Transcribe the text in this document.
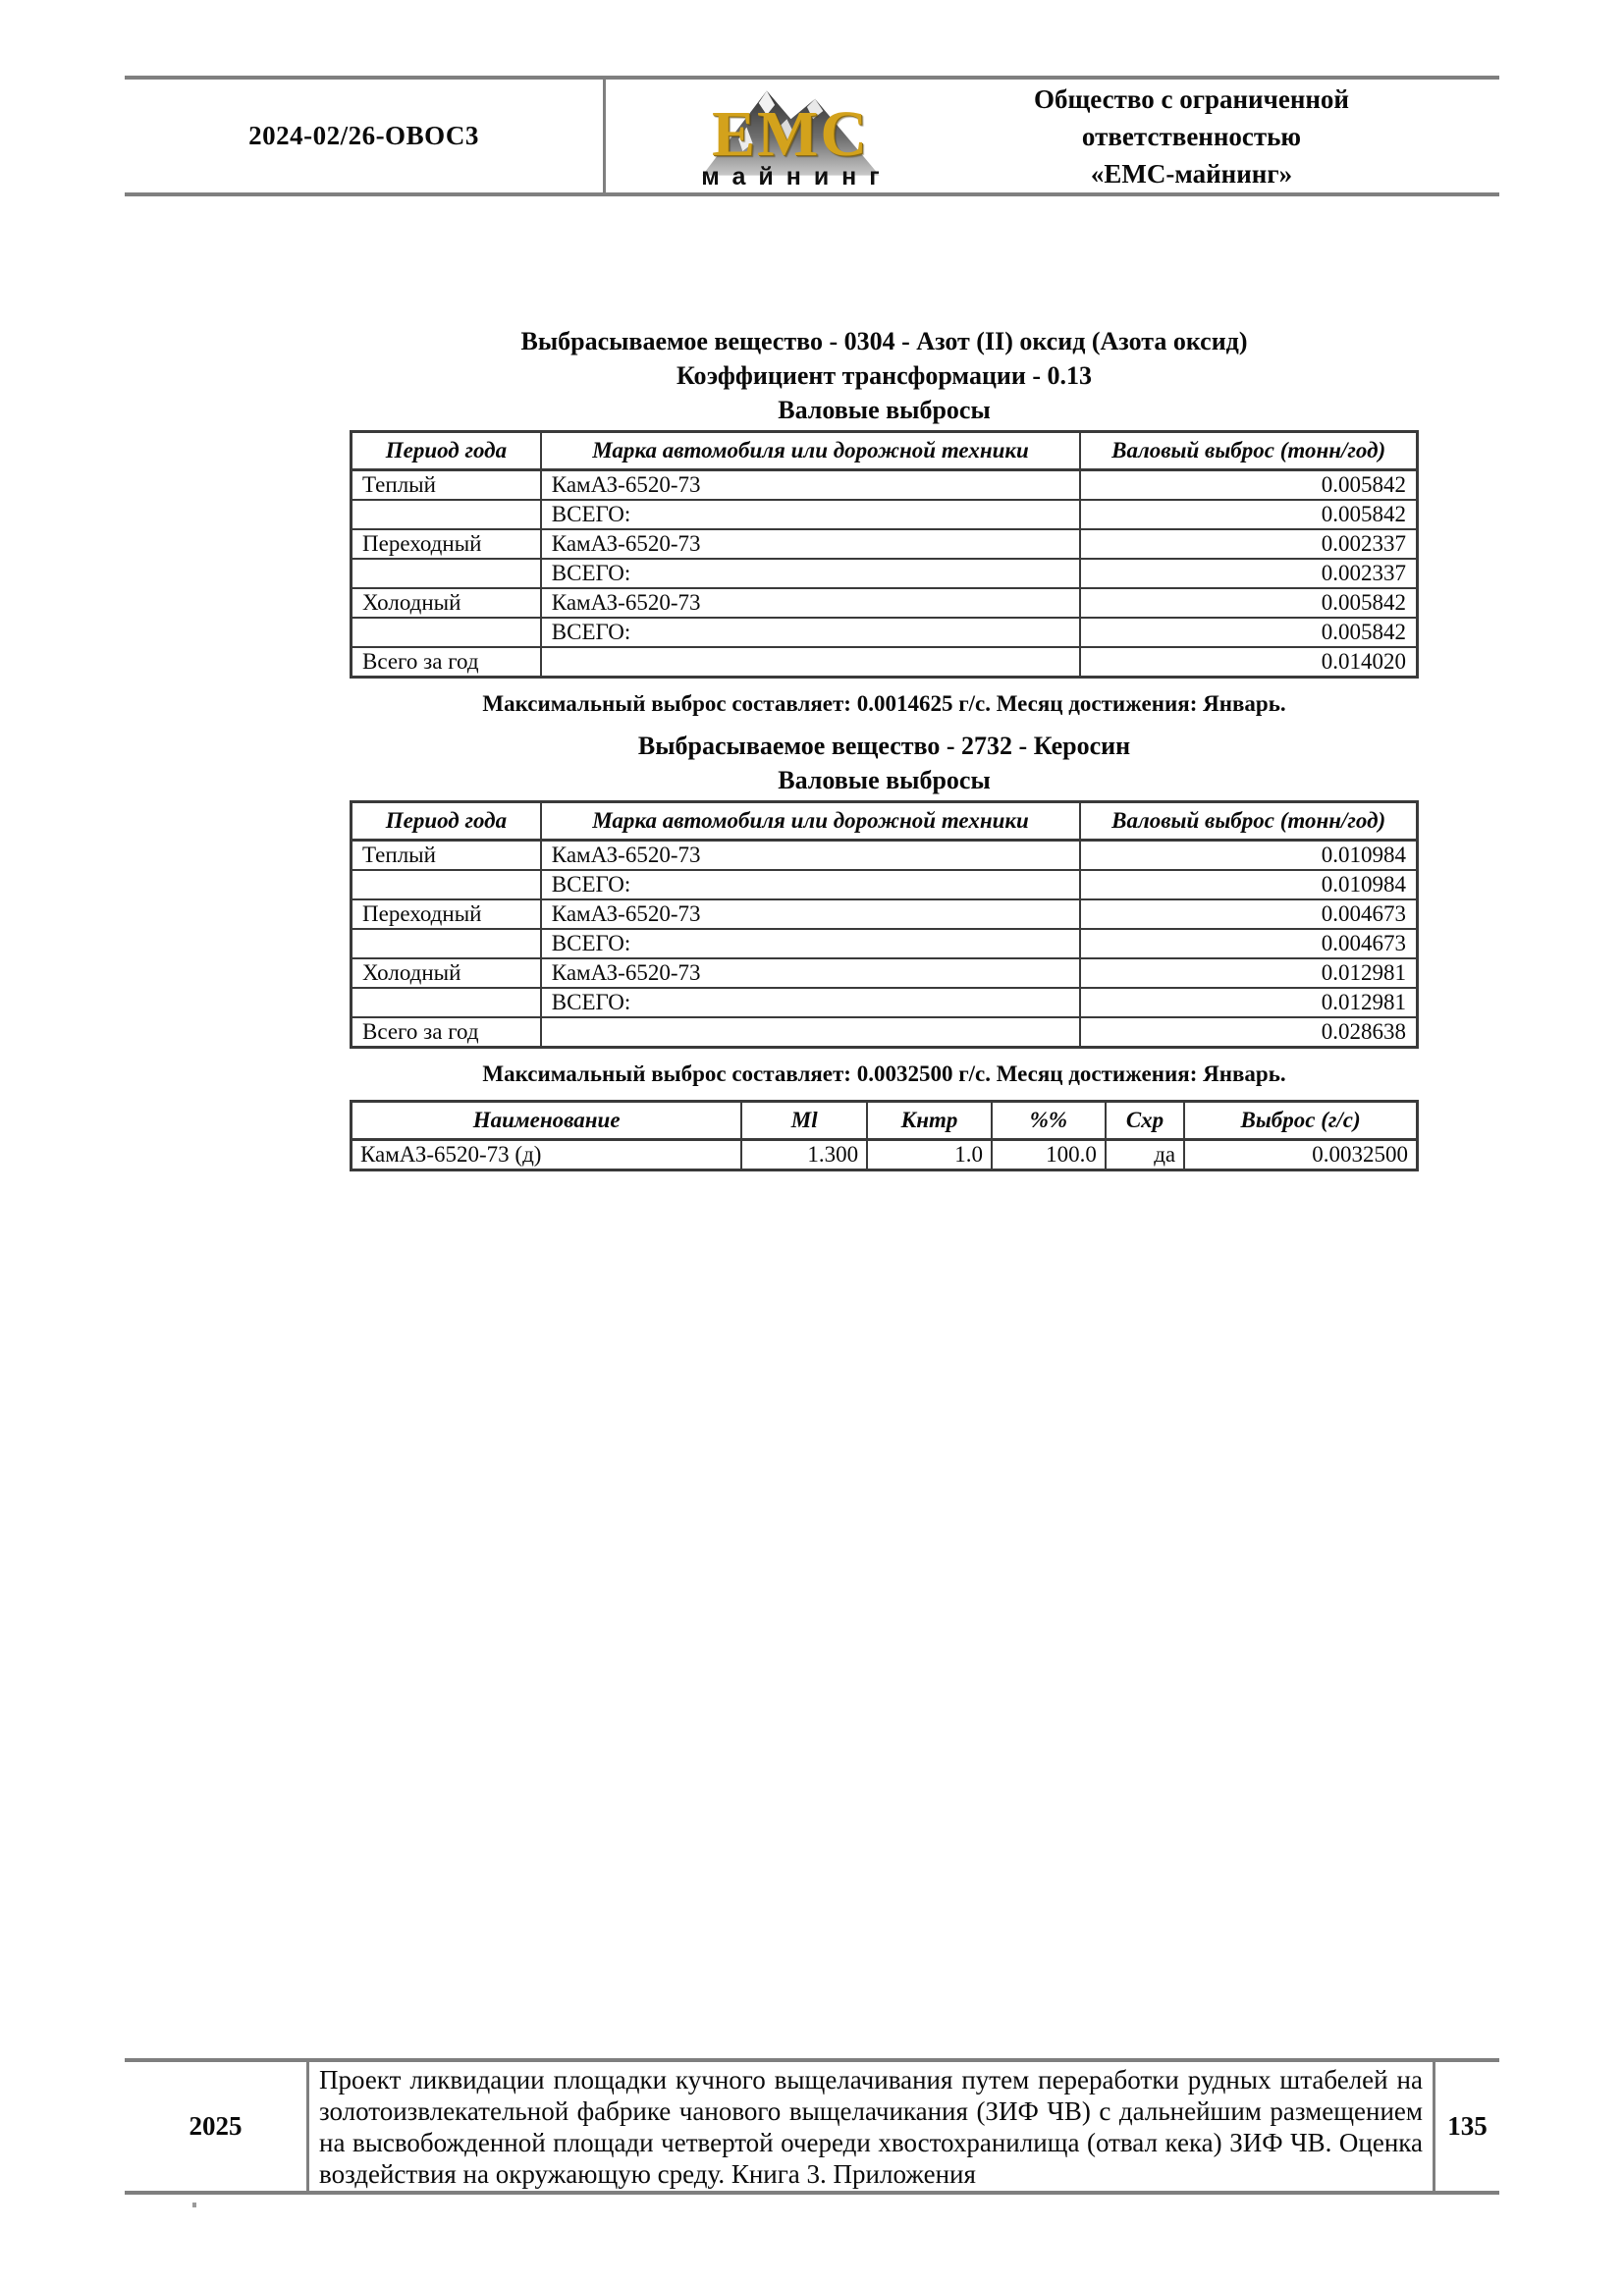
2024-02/26-ОВОС3	ЕМС
майнинг
Общество с ограниченной ответственностью
«ЕМС-майнинг»
Выбрасываемое вещество - 0304 - Азот (II) оксид (Азота оксид)
Коэффициент трансформации - 0.13
Валовые выбросы
Период года	Марка автомобиля или дорожной техники	Валовый выброс (тонн/год)
Теплый	КамАЗ-6520-73	0.005842
	ВСЕГО:	0.005842
Переходный	КамАЗ-6520-73	0.002337
	ВСЕГО:	0.002337
Холодный	КамАЗ-6520-73	0.005842
	ВСЕГО:	0.005842
Всего за год		0.014020
Максимальный выброс составляет: 0.0014625 г/с. Месяц достижения: Январь.
Выбрасываемое вещество - 2732 - Керосин
Валовые выбросы
Период года	Марка автомобиля или дорожной техники	Валовый выброс (тонн/год)
Теплый	КамАЗ-6520-73	0.010984
	ВСЕГО:	0.010984
Переходный	КамАЗ-6520-73	0.004673
	ВСЕГО:	0.004673
Холодный	КамАЗ-6520-73	0.012981
	ВСЕГО:	0.012981
Всего за год		0.028638
Максимальный выброс составляет: 0.0032500 г/с. Месяц достижения: Январь.
Наименование	Ml	Кнтр	%%	Схр	Выброс (г/с)
КамАЗ-6520-73 (д)	1.300	1.0	100.0	да	0.0032500
2025
Проект ликвидации площадки кучного выщелачивания путем переработки рудных штабелей на золотоизвлекательной фабрике чанового выщелачикания (ЗИФ ЧВ) с дальнейшим размещением на высвобожденной площади четвертой очереди хвостохранилища (отвал кека) ЗИФ ЧВ. Оценка воздействия на окружающую среду. Книга 3. Приложения
135
